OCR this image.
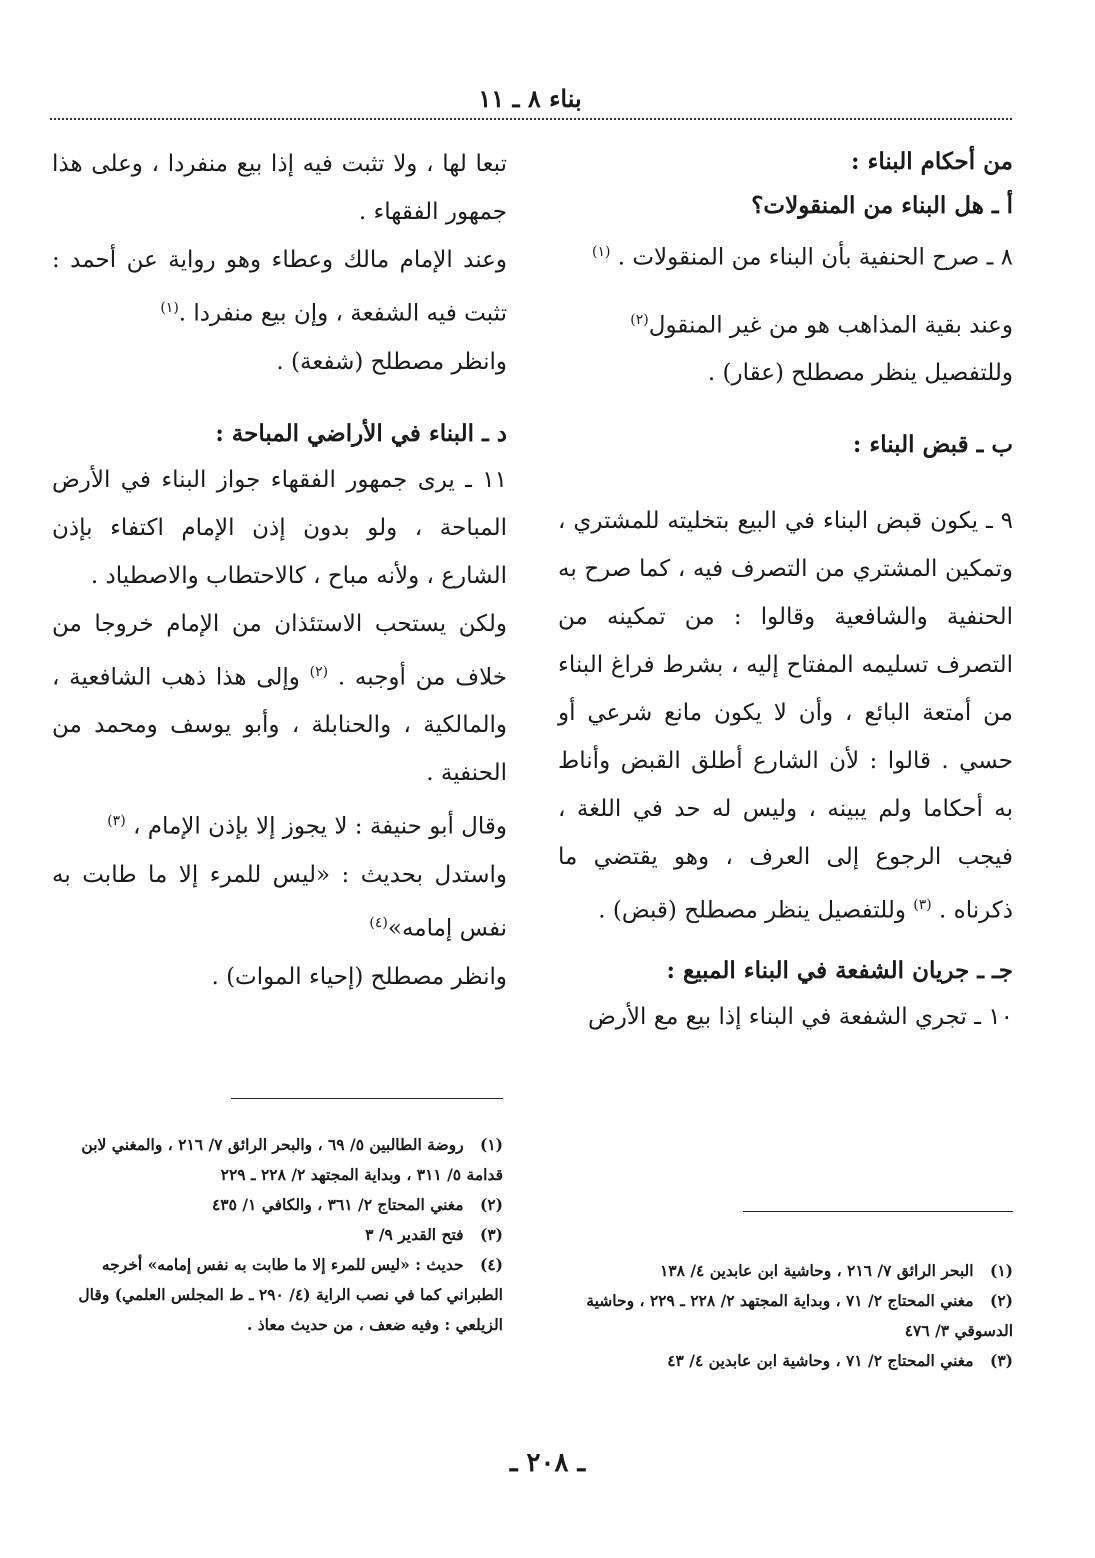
بناء ٨ ـ ١١

من أحكام البناء :

أ ـ هل البناء من المنقولات؟

٨ ـ صرح الحنفية بأن البناء من المنقولات . $^{(١)}$

وعند بقية المذاهب هو من غير المنقول$^{(٢)}$

وللتفصيل ينظر مصطلح (عقار) .

ب ـ قبض البناء :

٩ ـ يكون قبض البناء في البيع بتخليته للمشتري ، وتمكين المشتري من التصرف فيه ، كما صرح به الحنفية والشافعية وقالوا : من تمكينه من التصرف تسليمه المفتاح إليه ، بشرط فراغ البناء من أمتعة البائع ، وأن لا يكون مانع شرعي أو حسي . قالوا : لأن الشارع أطلق القبض وأناط به أحكاما ولم يبينه ، وليس له حد في اللغة ، فيجب الرجوع إلى العرف ، وهو يقتضي ما ذكرناه . $^{(٣)}$ وللتفصيل ينظر مصطلح (قبض) .

جـ ـ جريان الشفعة في البناء المبيع :

١٠ ـ تجري الشفعة في البناء إذا بيع مع الأرض

تبعا لها ، ولا تثبت فيه إذا بيع منفردا ، وعلى هذا جمهور الفقهاء .

وعند الإمام مالك وعطاء وهو رواية عن أحمد : تثبت فيه الشفعة ، وإن بيع منفردا .$^{(١)}$

وانظر مصطلح (شفعة) .

د ـ البناء في الأراضي المباحة :

١١ ـ يرى جمهور الفقهاء جواز البناء في الأرض المباحة ، ولو بدون إذن الإمام اكتفاء بإذن الشارع ، ولأنه مباح ، كالاحتطاب والاصطياد .

ولكن يستحب الاستئذان من الإمام خروجا من خلاف من أوجبه . $^{(٢)}$ وإلى هذا ذهب الشافعية ، والمالكية ، والحنابلة ، وأبو يوسف ومحمد من الحنفية .

وقال أبو حنيفة : لا يجوز إلا بإذن الإمام ، $^{(٣)}$

واستدل بحديث : «ليس للمرء إلا ما طابت به نفس إمامه»$^{(٤)}$

وانظر مصطلح (إحياء الموات) .

(١) البحر الرائق ٧/ ٢١٦ ، وحاشية ابن عابدين ٤/ ١٣٨

(٢) مغني المحتاج ٢/ ٧١ ، وبداية المجتهد ٢/ ٢٢٨ ـ ٢٢٩ ، وحاشية الدسوقي ٣/ ٤٧٦

(٣) مغني المحتاج ٢/ ٧١ ، وحاشية ابن عابدين ٤/ ٤٣

(١) روضة الطالبين ٥/ ٦٩ ، والبحر الرائق ٧/ ٢١٦ ، والمغني لابن قدامة ٥/ ٣١١ ، وبداية المجتهد ٢/ ٢٢٨ ـ ٢٢٩

(٢) مغني المحتاج ٢/ ٣٦١ ، والكافي ١/ ٤٣٥

(٣) فتح القدير ٩/ ٣

(٤) حديث : «ليس للمرء إلا ما طابت به نفس إمامه» أخرجه الطبراني كما في نصب الراية (٤/ ٢٩٠ ـ ط المجلس العلمي) وقال الزيلعي : وفيه ضعف ، من حديث معاذ .

ـ ٢٠٨ ـ
